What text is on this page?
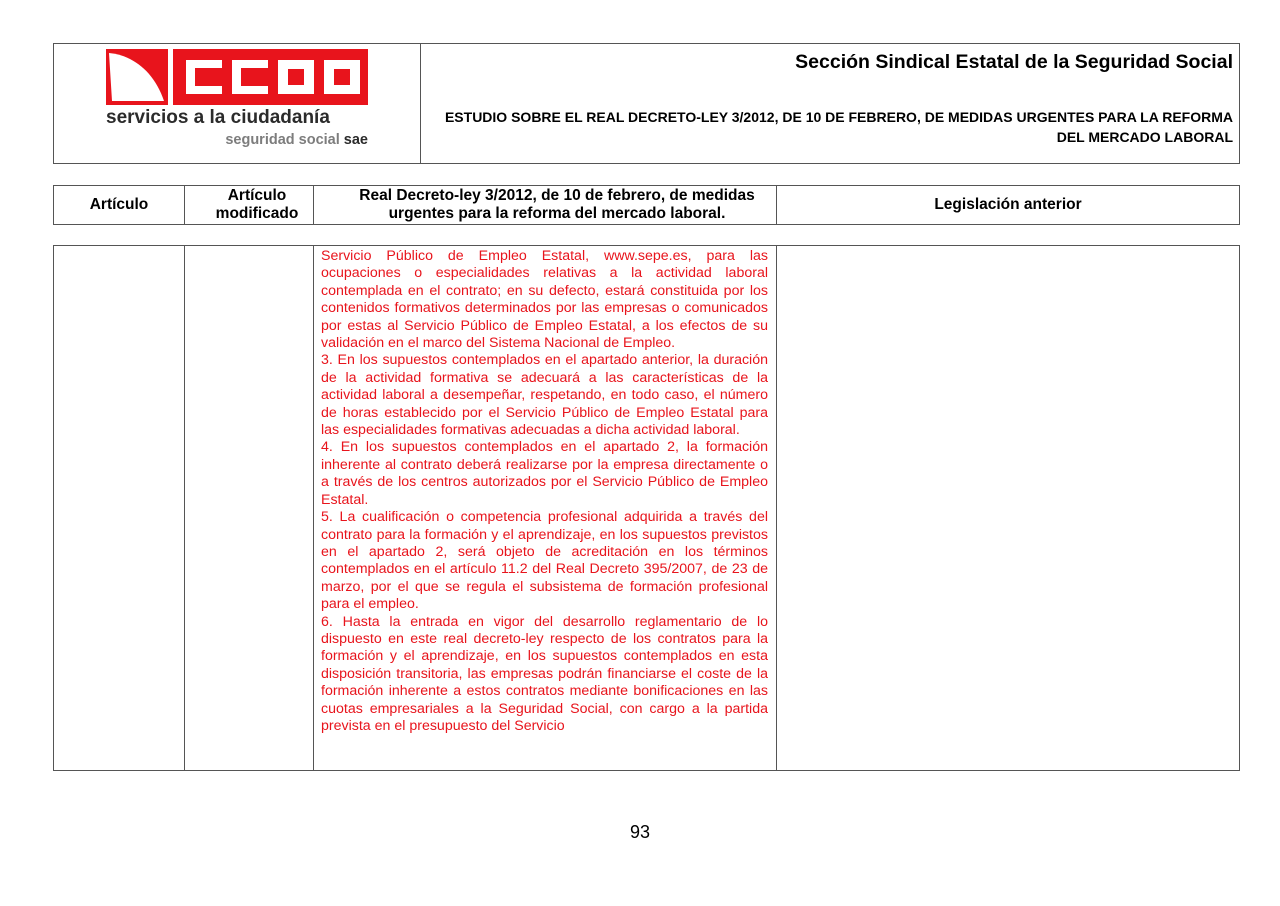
servicios a la ciudadanía
seguridad social sae
Sección Sindical Estatal de la Seguridad Social
ESTUDIO SOBRE EL REAL DECRETO-LEY 3/2012, DE 10 DE FEBRERO, DE MEDIDAS URGENTES PARA LA REFORMA DEL MERCADO LABORAL
Artículo
Artículo modificado
Real Decreto-ley 3/2012, de 10 de febrero, de medidas urgentes para la reforma del mercado laboral.
Legislación anterior

Servicio Público de Empleo Estatal, www.sepe.es, para las ocupaciones o especialidades relativas a la actividad laboral contemplada en el contrato; en su defecto, estará constituida por los contenidos formativos determinados por las empresas o comunicados por estas al Servicio Público de Empleo Estatal, a los efectos de su validación en el marco del Sistema Nacional de Empleo.

3. En los supuestos contemplados en el apartado anterior, la duración de la actividad formativa se adecuará a las características de la actividad laboral a desempeñar, respetando, en todo caso, el número de horas establecido por el Servicio Público de Empleo Estatal para las especialidades formativas adecuadas a dicha actividad laboral.

4. En los supuestos contemplados en el apartado 2, la formación inherente al contrato deberá realizarse por la empresa directamente o a través de los centros autorizados por el Servicio Público de Empleo Estatal.

5. La cualificación o competencia profesional adquirida a través del contrato para la formación y el aprendizaje, en los supuestos previstos en el apartado 2, será objeto de acreditación en los términos contemplados en el artículo 11.2 del Real Decreto 395/2007, de 23 de marzo, por el que se regula el subsistema de formación profesional para el empleo.

6. Hasta la entrada en vigor del desarrollo reglamentario de lo dispuesto en este real decreto-ley respecto de los contratos para la formación y el aprendizaje, en los supuestos contemplados en esta disposición transitoria, las empresas podrán financiarse el coste de la formación inherente a estos contratos mediante bonificaciones en las cuotas empresariales a la Seguridad Social, con cargo a la partida prevista en el presupuesto del Servicio

93
